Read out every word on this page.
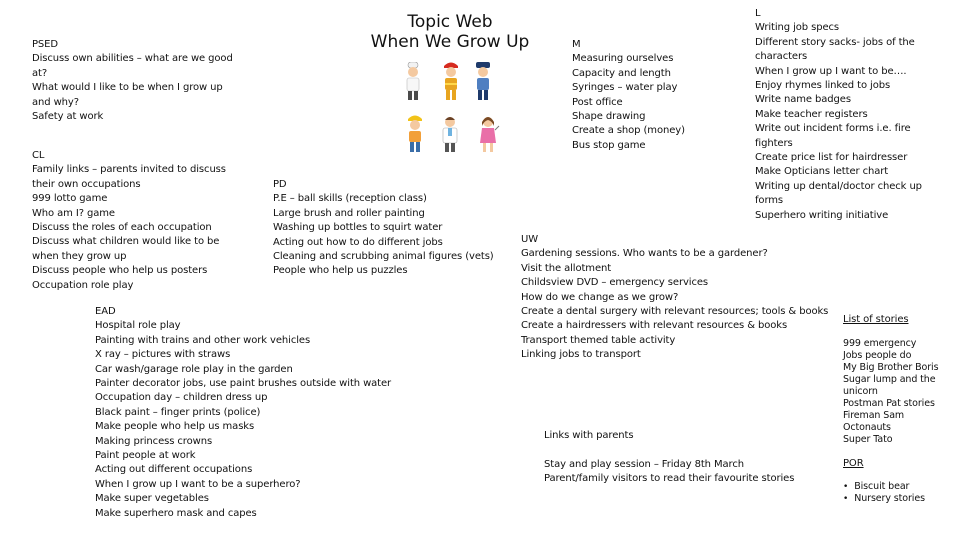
Topic Web
When We Grow Up
PSED
Discuss own abilities – what are we good
at?
What would I like to be when I grow up
and why?
Safety at work
CL
Family links – parents invited to discuss
their own occupations
999 lotto game
Who am I? game
Discuss the roles of each occupation
Discuss what children would like to be
when they grow up
Discuss people who help us posters
Occupation role play
PD
P.E – ball skills (reception class)
Large brush and roller painting
Washing up bottles to squirt water
Acting out how to do different jobs
Cleaning and scrubbing animal figures (vets)
People who help us puzzles
EAD
Hospital role play
Painting with trains and other work vehicles
X ray – pictures with straws
Car wash/garage role play in the garden
Painter decorator jobs, use paint brushes outside with water
Occupation day – children dress up
Black paint – finger prints (police)
Make people who help us masks
Making princess crowns
Paint people at work
Acting out different occupations
When I grow up I want to be a superhero?
Make super vegetables
Make superhero mask and capes
M
Measuring ourselves
Capacity and length
Syringes – water play
Post office
Shape drawing
Create a shop (money)
Bus stop game
L
Writing job specs
Different story sacks- jobs of the
characters
When I grow up I want to be….
Enjoy rhymes linked to jobs
Write name badges
Make teacher registers
Write out incident forms i.e. fire
fighters
Create price list for hairdresser
Make Opticians letter chart
Writing up dental/doctor check up
forms
Superhero writing initiative
UW
Gardening sessions. Who wants to be a gardener?
Visit the allotment
Childsview DVD – emergency services
How do we change as we grow?
Create a dental surgery with relevant resources; tools & books
Create a hairdressers with relevant resources & books
Transport themed table activity
Linking jobs to transport
Links with parents
Stay and play session – Friday 8th March
Parent/family visitors to read their favourite stories
List of stories
999 emergency
Jobs people do
My Big Brother Boris
Sugar lump and the
unicorn
Postman Pat stories
Fireman Sam
Octonauts
Super Tato
POR
• Biscuit bear
• Nursery stories
